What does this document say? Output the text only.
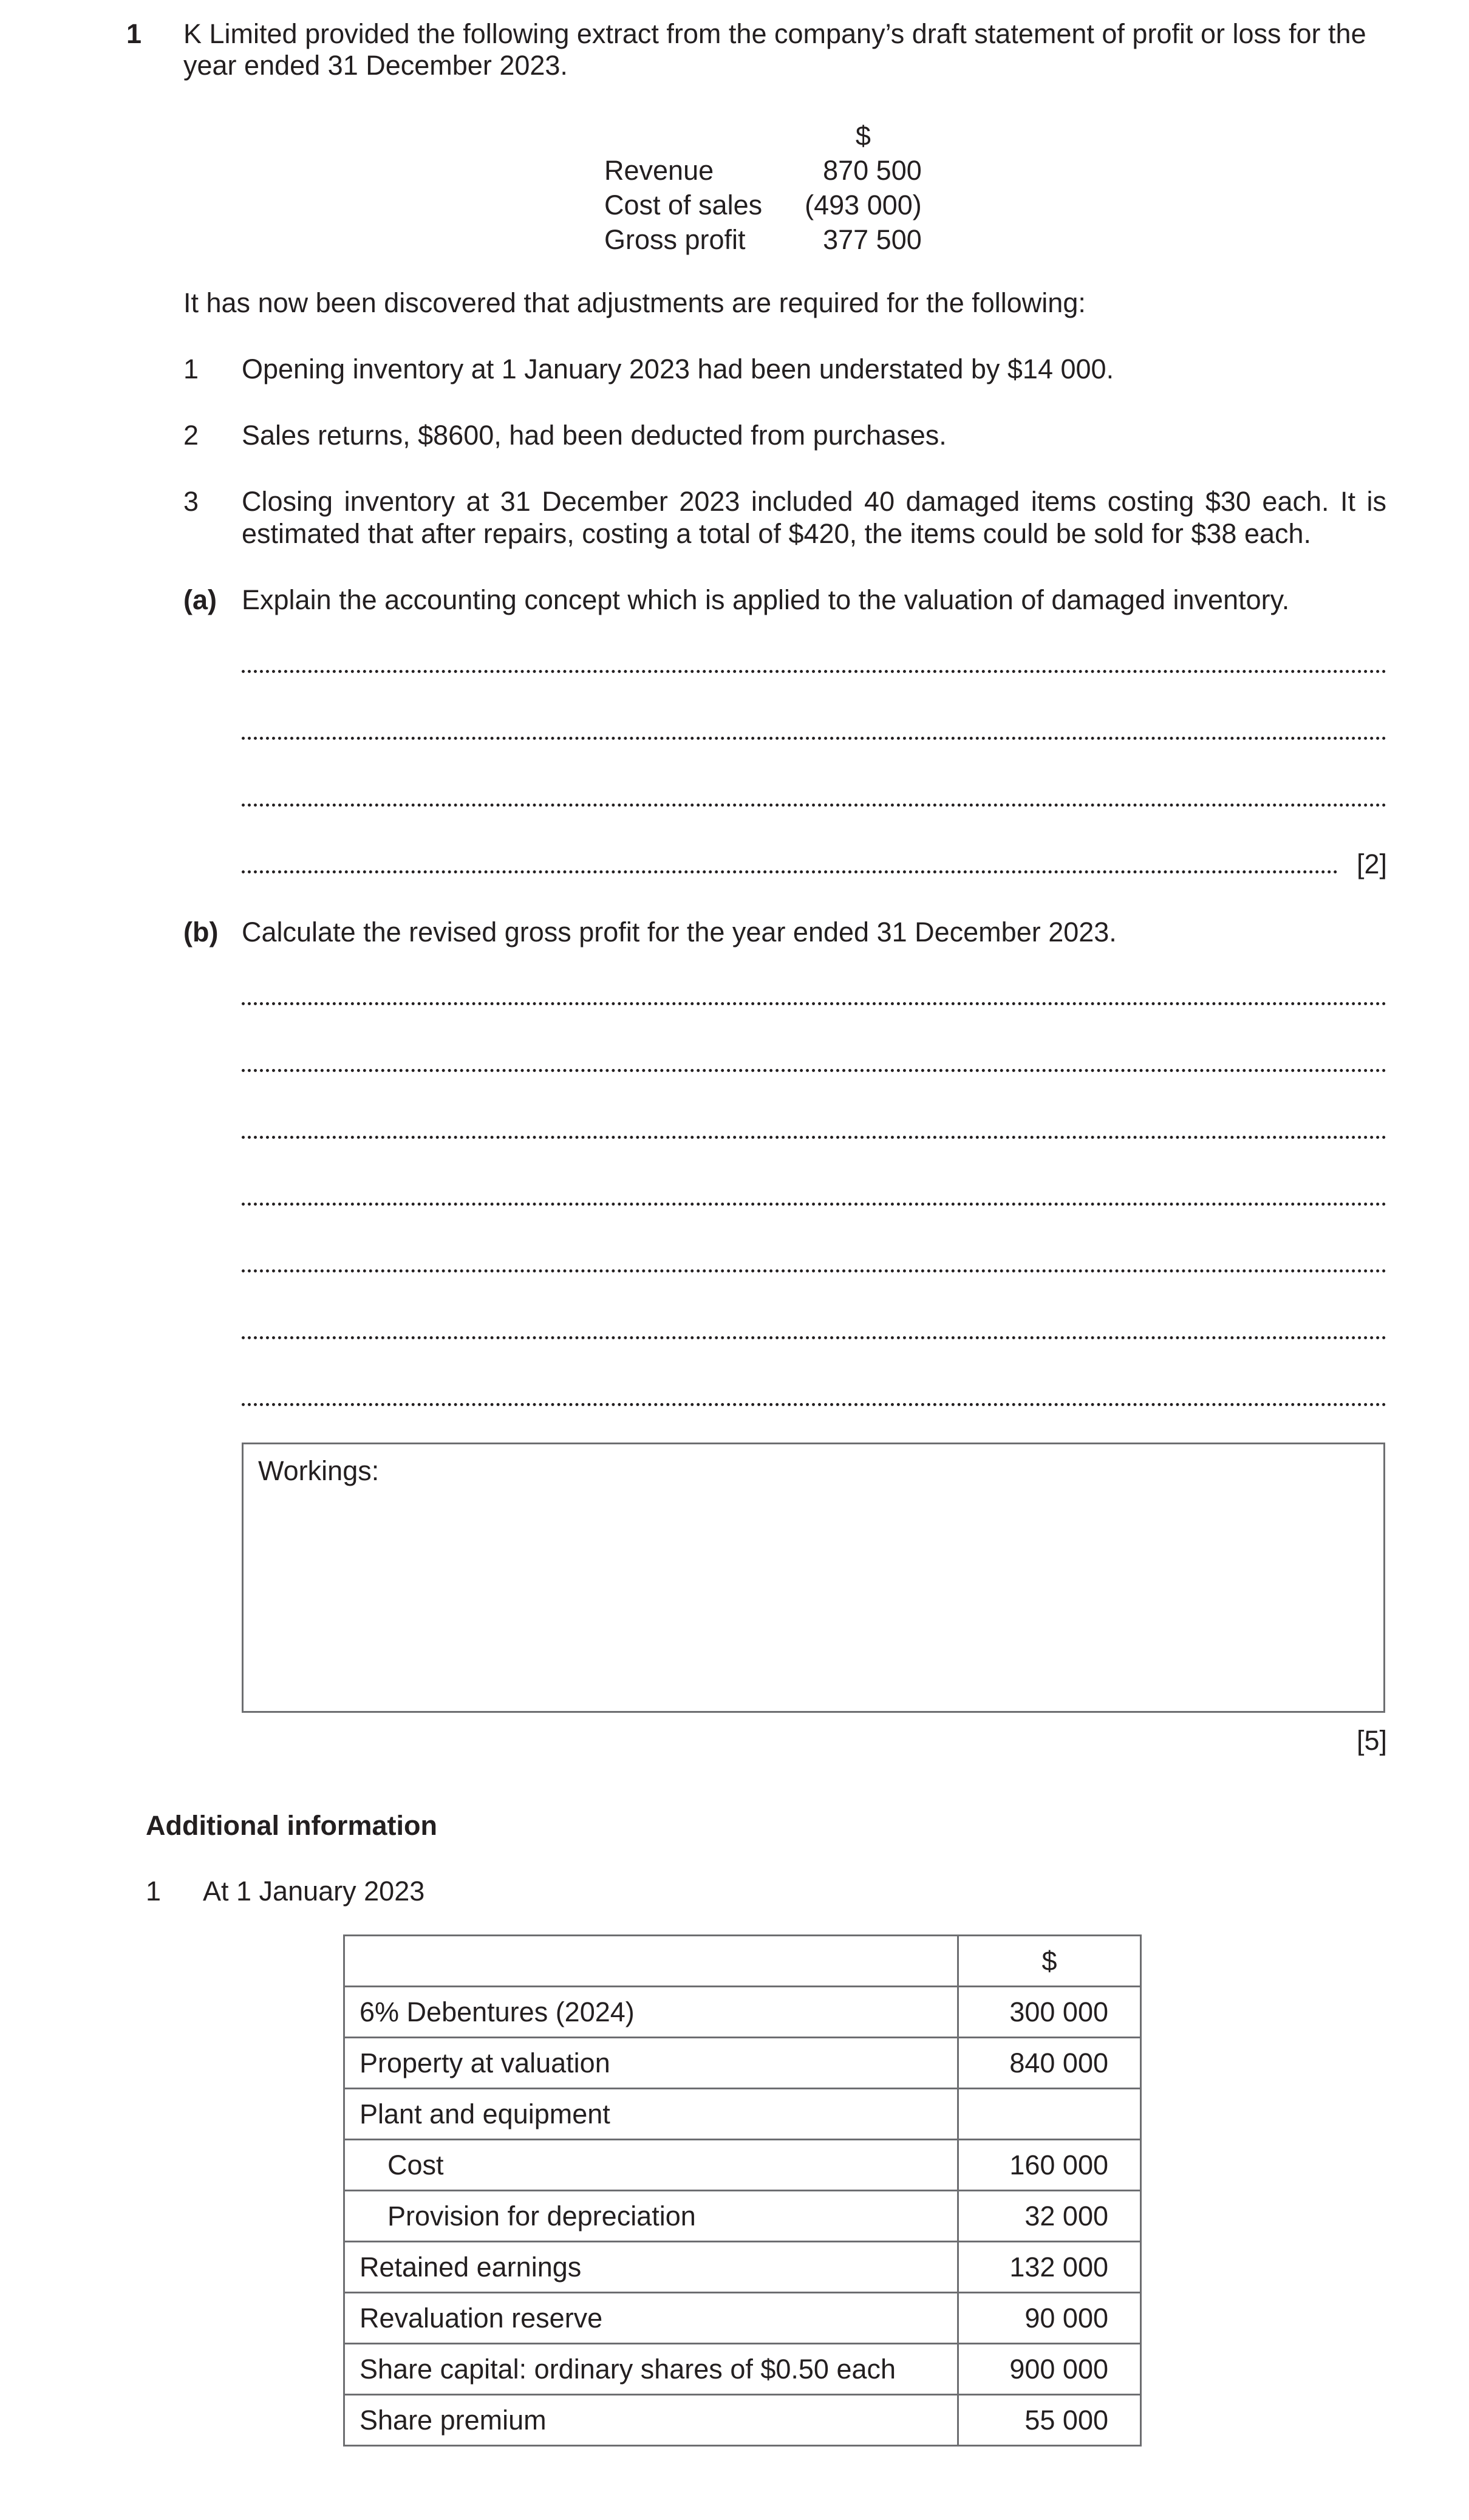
1 K Limited provided the following extract from the company’s draft statement of profit or loss for the year ended 31 December 2023.
	$
Revenue	870 500
Cost of sales	(493 000)
Gross profit	377 500
It has now been discovered that adjustments are required for the following:
1 Opening inventory at 1 January 2023 had been understated by $14 000.
2 Sales returns, $8600, had been deducted from purchases.
3 Closing inventory at 31 December 2023 included 40 damaged items costing $30 each. It is
estimated that after repairs, costing a total of $420, the items could be sold for $38 each.
(a) Explain the accounting concept which is applied to the valuation of damaged inventory.
[2]
(b) Calculate the revised gross profit for the year ended 31 December 2023.
Workings:
[5]
Additional information
1 At 1 January 2023
	$
6% Debentures (2024)	300 000
Property at valuation	840 000
Plant and equipment	
Cost	160 000
Provision for depreciation	32 000
Retained earnings	132 000
Revaluation reserve	90 000
Share capital: ordinary shares of $0.50 each	900 000
Share premium	55 000
